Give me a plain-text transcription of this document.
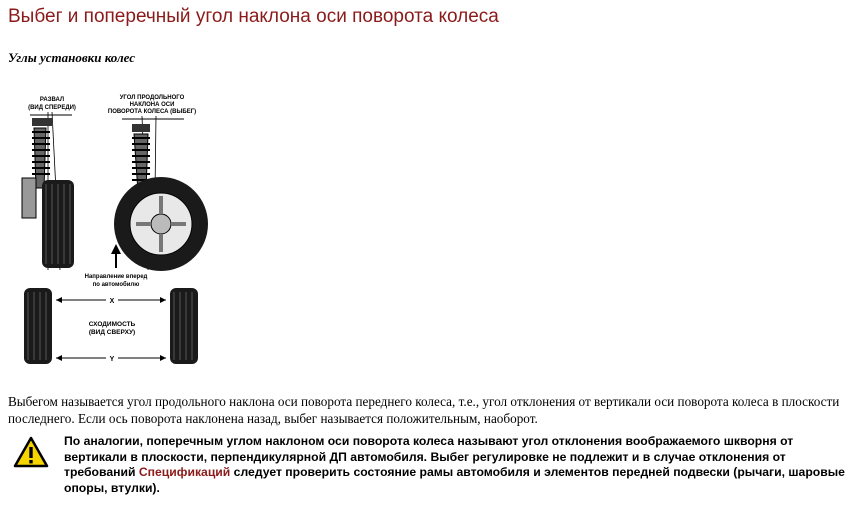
Выбег и поперечный угол наклона оси поворота колеса
Углы установки колес
РАЗВАЛ
(ВИД СПЕРЕДИ)
УГОЛ ПРОДОЛЬНОГО
НАКЛОНА ОСИ
ПОВОРОТА КОЛЕСА (ВЫБЕГ)
Направление вперед
по автомобилю
X
СХОДИМОСТЬ
(ВИД СВЕРХУ)
Y

Выбегом называется угол продольного наклона оси поворота переднего колеса, т.е., угол отклонения от вертикали оси поворота колеса в плоскости последнего. Если ось поворота наклонена назад, выбег называется положительным, наоборот.

По аналогии, поперечным углом наклоном оси поворота колеса называют угол отклонения воображаемого шкворня от вертикали в плоскости, перпендикулярной ДП автомобиля. Выбег регулировке не подлежит и в случае отклонения от требований Спецификаций следует проверить состояние рамы автомобиля и элементов передней подвески (рычаги, шаровые опоры, втулки).
